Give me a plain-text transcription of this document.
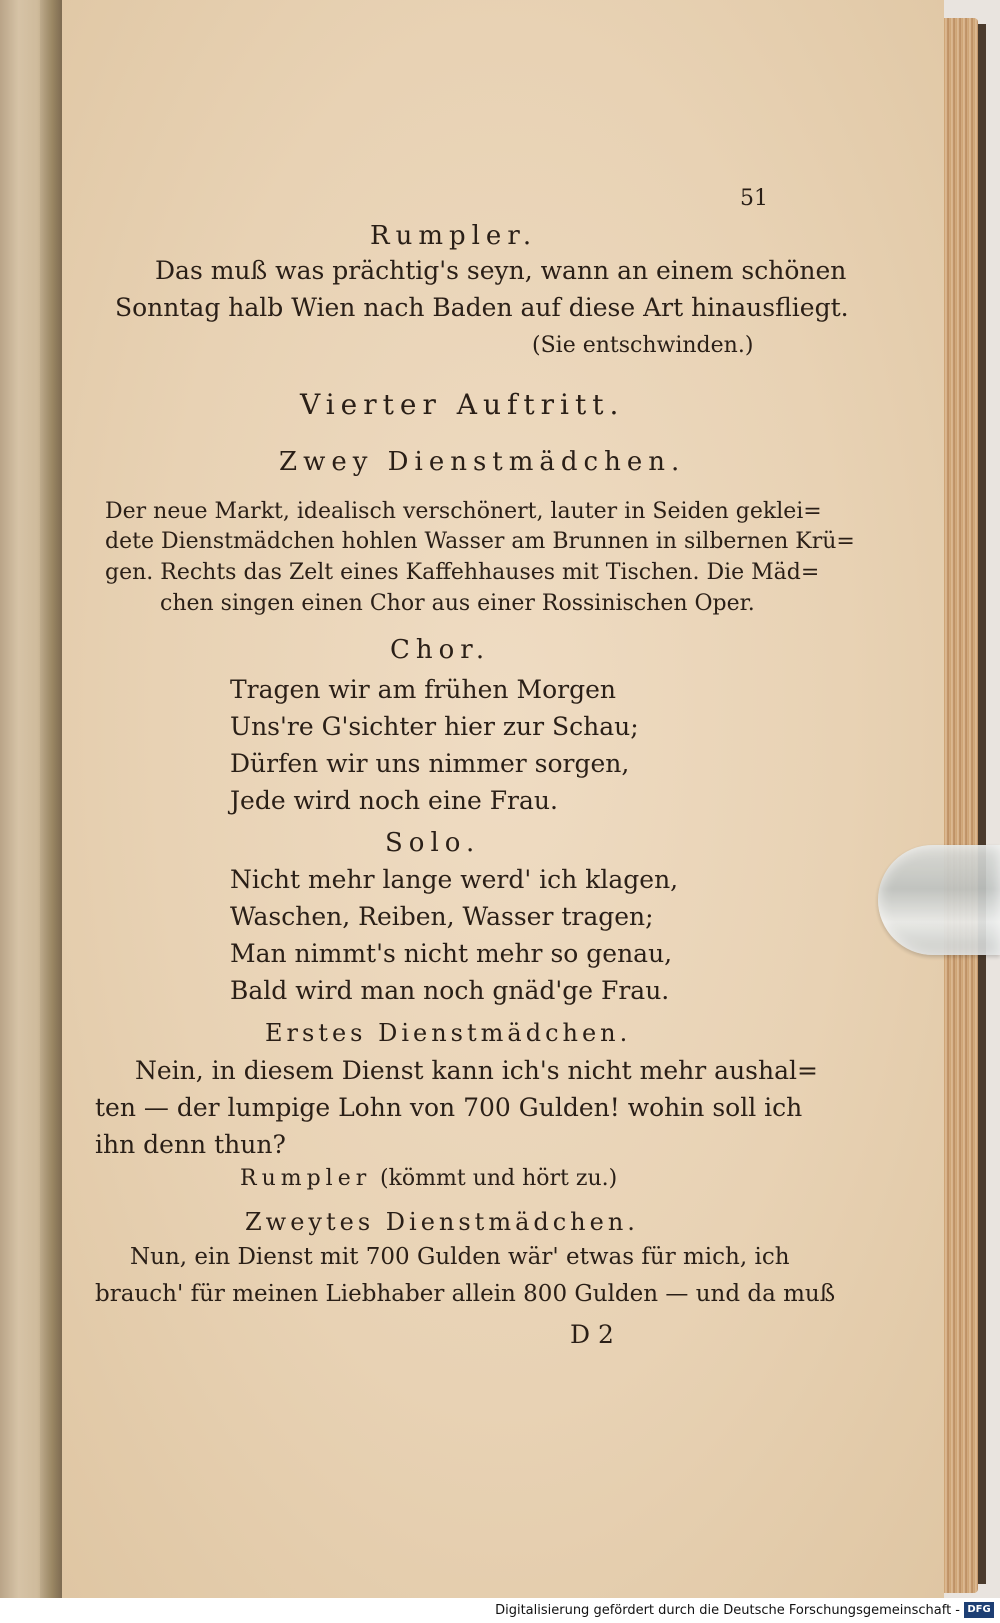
51
Rumpler.
Das muß was prächtig's seyn, wann an einem schönen
Sonntag halb Wien nach Baden auf diese Art hinausfliegt.
(Sie entschwinden.)
Vierter Auftritt.
Zwey Dienstmädchen.
Der neue Markt, idealisch verschönert, lauter in Seiden geklei=
dete Dienstmädchen hohlen Wasser am Brunnen in silbernen Krü=
gen. Rechts das Zelt eines Kaffehhauses mit Tischen. Die Mäd=
chen singen einen Chor aus einer Rossinischen Oper.
Chor.
Tragen wir am frühen Morgen
Uns're G'sichter hier zur Schau;
Dürfen wir uns nimmer sorgen,
Jede wird noch eine Frau.
Solo.
Nicht mehr lange werd' ich klagen,
Waschen, Reiben, Wasser tragen;
Man nimmt's nicht mehr so genau,
Bald wird man noch gnäd'ge Frau.
Erstes Dienstmädchen.
Nein, in diesem Dienst kann ich's nicht mehr aushal=
ten — der lumpige Lohn von 700 Gulden! wohin soll ich
ihn denn thun?
Rumpler (kömmt und hört zu.)
Zweytes Dienstmädchen.
Nun, ein Dienst mit 700 Gulden wär' etwas für mich, ich
brauch' für meinen Liebhaber allein 800 Gulden — und da muß
D 2
Digitalisierung gefördert durch die Deutsche Forschungsgemeinschaft - DFG
